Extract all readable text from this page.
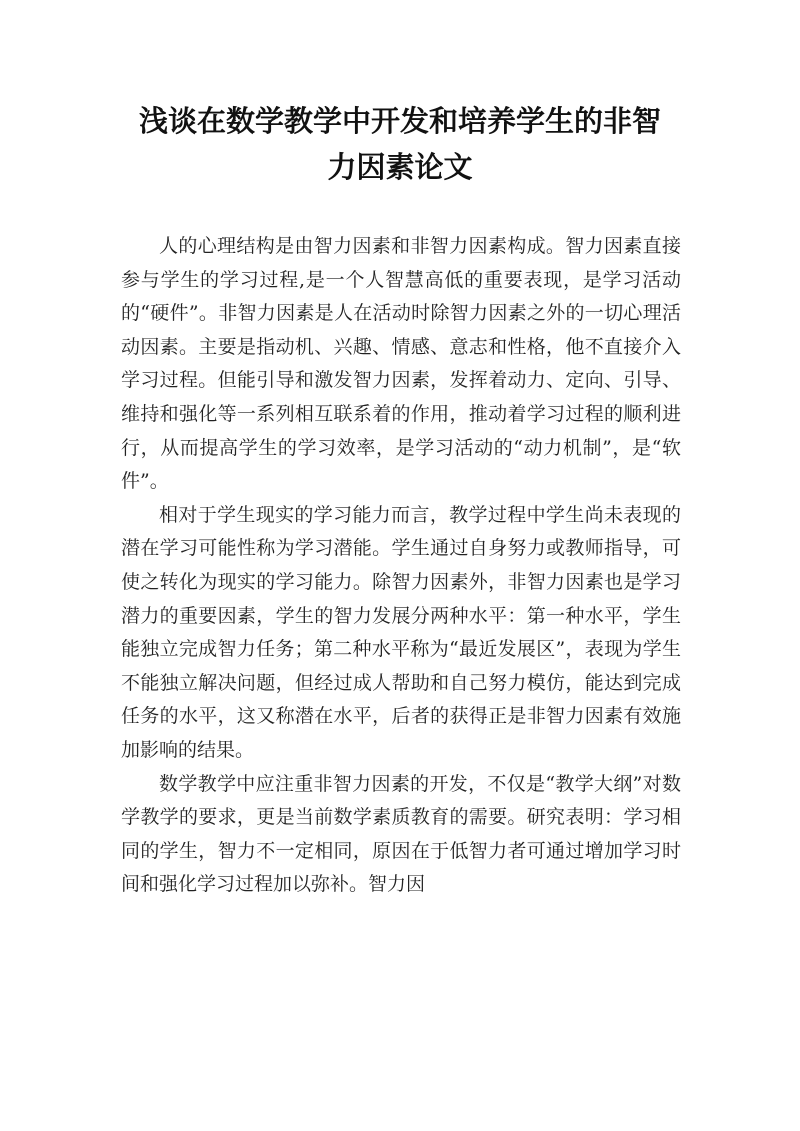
浅谈在数学教学中开发和培养学生的非智
力因素论文

人的心理结构是由智力因素和非智力因素构成。智力因素直接参与学生的学习过程,是一个人智慧高低的重要表现，是学习活动的“硬件”。非智力因素是人在活动时除智力因素之外的一切心理活动因素。主要是指动机、兴趣、情感、意志和性格，他不直接介入学习过程。但能引导和激发智力因素，发挥着动力、定向、引导、维持和强化等一系列相互联系着的作用，推动着学习过程的顺利进行，从而提高学生的学习效率，是学习活动的“动力机制”，是“软件”。

相对于学生现实的学习能力而言，教学过程中学生尚未表现的潜在学习可能性称为学习潜能。学生通过自身努力或教师指导，可使之转化为现实的学习能力。除智力因素外，非智力因素也是学习潜力的重要因素，学生的智力发展分两种水平：第一种水平，学生能独立完成智力任务；第二种水平称为“最近发展区”，表现为学生不能独立解决问题，但经过成人帮助和自己努力模仿，能达到完成任务的水平，这又称潜在水平，后者的获得正是非智力因素有效施加影响的结果。

数学教学中应注重非智力因素的开发，不仅是“教学大纲”对数学教学的要求，更是当前数学素质教育的需要。研究表明：学习相同的学生，智力不一定相同，原因在于低智力者可通过增加学习时间和强化学习过程加以弥补。智力因
